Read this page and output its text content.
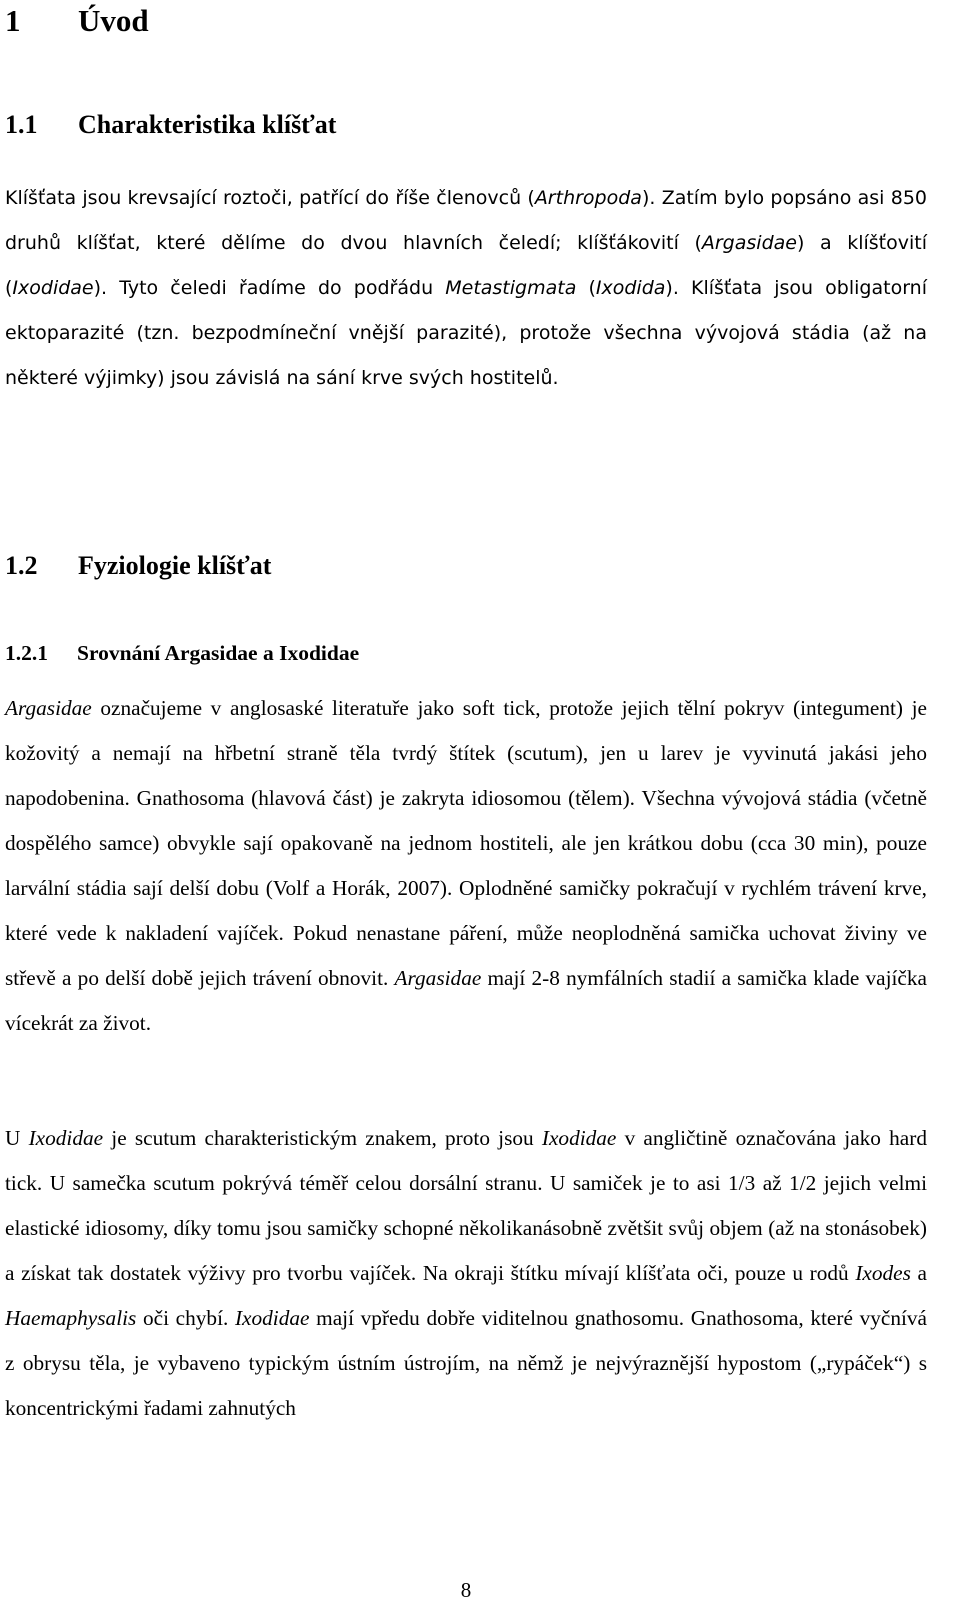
1 Úvod
1.1 Charakteristika klíšťat

Klíšťata jsou krevsající roztoči, patřící do říše členovců (Arthropoda). Zatím bylo popsáno asi 850 druhů klíšťat, které dělíme do dvou hlavních čeledí; klíšťákovití (Argasidae) a klíšťovití (Ixodidae). Tyto čeledi řadíme do podřádu Metastigmata (Ixodida). Klíšťata jsou obligatorní ektoparazité (tzn. bezpodmíneční vnější parazité), protože všechna vývojová stádia (až na některé výjimky) jsou závislá na sání krve svých hostitelů.

1.2 Fyziologie klíšťat
1.2.1 Srovnání Argasidae a Ixodidae

Argasidae označujeme v anglosaské literatuře jako soft tick, protože jejich tělní pokryv (integument) je kožovitý a nemají na hřbetní straně těla tvrdý štítek (scutum), jen u larev je vyvinutá jakási jeho napodobenina. Gnathosoma (hlavová část) je zakryta idiosomou (tělem). Všechna vývojová stádia (včetně dospělého samce) obvykle sají opakovaně na jednom hostiteli, ale jen krátkou dobu (cca 30 min), pouze larvální stádia sají delší dobu (Volf a Horák, 2007). Oplodněné samičky pokračují v rychlém trávení krve, které vede k nakladení vajíček. Pokud nenastane páření, může neoplodněná samička uchovat živiny ve střevě a po delší době jejich trávení obnovit. Argasidae mají 2-8 nymfálních stadií a samička klade vajíčka vícekrát za život.

U Ixodidae je scutum charakteristickým znakem, proto jsou Ixodidae v angličtině označována jako hard tick. U samečka scutum pokrývá téměř celou dorsální stranu. U samiček je to asi 1/3 až 1/2 jejich velmi elastické idiosomy, díky tomu jsou samičky schopné několikanásobně zvětšit svůj objem (až na stonásobek) a získat tak dostatek výživy pro tvorbu vajíček. Na okraji štítku mívají klíšťata oči, pouze u rodů Ixodes a Haemaphysalis oči chybí. Ixodidae mají vpředu dobře viditelnou gnathosomu. Gnathosoma, které vyčnívá z obrysu těla, je vybaveno typickým ústním ústrojím, na němž je nejvýraznější hypostom („rypáček“) s koncentrickými řadami zahnutých

8
